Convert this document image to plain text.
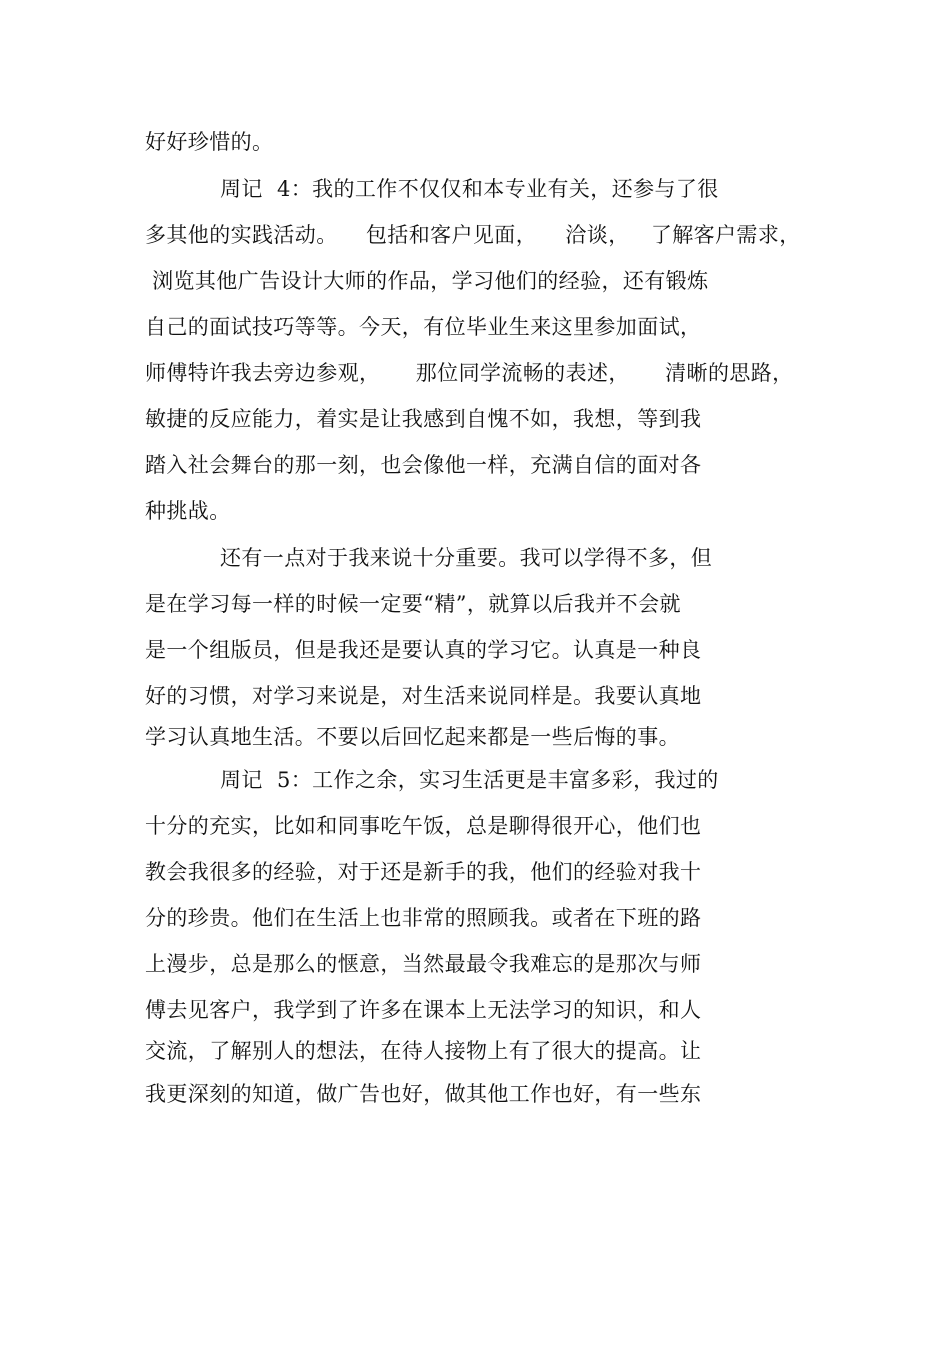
好好珍惜的。
周记  4：我的工作不仅仅和本专业有关，还参与了很
多其他的实践活动。    包括和客户见面，    洽谈，   了解客户需求，
浏览其他广告设计大师的作品，学习他们的经验，还有锻炼
自己的面试技巧等等。今天，有位毕业生来这里参加面试，
师傅特许我去旁边参观，     那位同学流畅的表述，     清晰的思路，
敏捷的反应能力，着实是让我感到自愧不如，我想，等到我
踏入社会舞台的那一刻，也会像他一样，充满自信的面对各
种挑战。
还有一点对于我来说十分重要。我可以学得不多，但
是在学习每一样的时候一定要“精”，就算以后我并不会就
是一个组版员，但是我还是要认真的学习它。认真是一种良
好的习惯，对学习来说是，对生活来说同样是。我要认真地
学习认真地生活。不要以后回忆起来都是一些后悔的事。
周记  5：工作之余，实习生活更是丰富多彩，我过的
十分的充实，比如和同事吃午饭，总是聊得很开心，他们也
教会我很多的经验，对于还是新手的我，他们的经验对我十
分的珍贵。他们在生活上也非常的照顾我。或者在下班的路
上漫步，总是那么的惬意，当然最最令我难忘的是那次与师
傅去见客户，我学到了许多在课本上无法学习的知识，和人
交流，了解别人的想法，在待人接物上有了很大的提高。让
我更深刻的知道，做广告也好，做其他工作也好，有一些东
